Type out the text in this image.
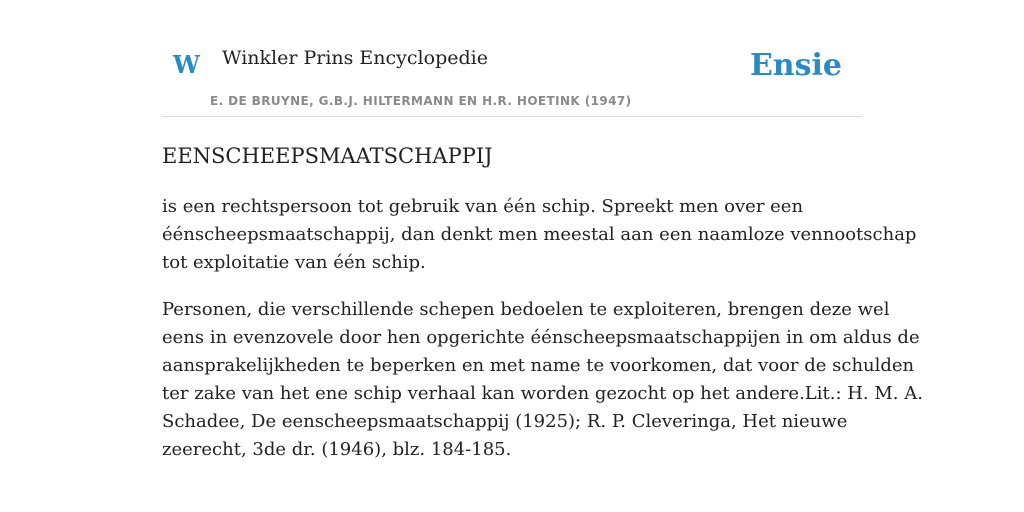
W Winkler Prins Encyclopedie
E. DE BRUYNE, G.B.J. HILTERMANN EN H.R. HOETINK (1947)
Ensie
EENSCHEEPSMAATSCHAPPIJ

is een rechtspersoon tot gebruik van één schip. Spreekt men over een
éénscheepsmaatschappij, dan denkt men meestal aan een naamloze vennootschap
tot exploitatie van één schip.

Personen, die verschillende schepen bedoelen te exploiteren, brengen deze wel
eens in evenzovele door hen opgerichte éénscheepsmaatschappijen in om aldus de
aansprakelijkheden te beperken en met name te voorkomen, dat voor de schulden
ter zake van het ene schip verhaal kan worden gezocht op het andere.Lit.: H. M. A.
Schadee, De eenscheepsmaatschappij (1925); R. P. Cleveringa, Het nieuwe
zeerecht, 3de dr. (1946), blz. 184-185.
